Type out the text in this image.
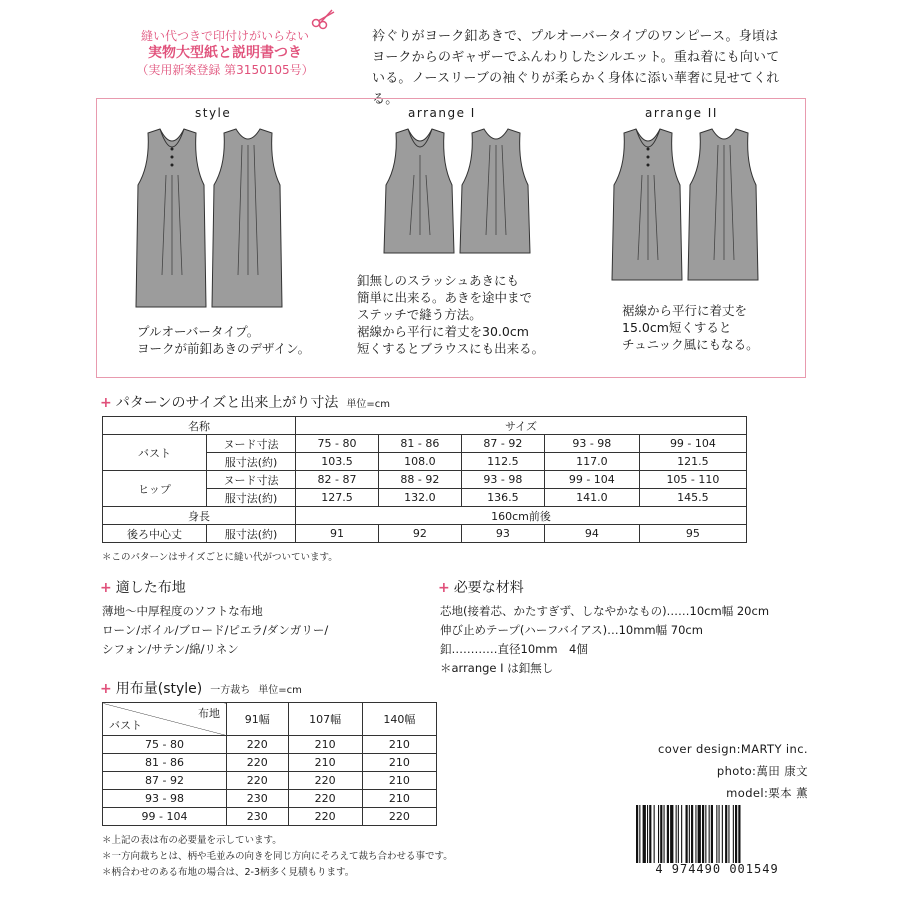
縫い代つきで印付けがいらない
実物大型紙と説明書つき
（実用新案登録 第3150105号）
衿ぐりがヨーク釦あきで、プルオーバータイプのワンピース。身頃は
ヨークからのギャザーでふんわりしたシルエット。重ね着にも向いて
いる。ノースリーブの袖ぐりが柔らかく身体に添い華奢に見せてくれる。
style	arrange I	arrange II
プルオーバータイプ。
ヨークが前釦あきのデザイン。
釦無しのスラッシュあきにも
簡単に出来る。あきを途中まで
ステッチで縫う方法。
裾線から平行に着丈を30.0cm
短くするとブラウスにも出来る。
裾線から平行に着丈を
15.0cm短くすると
チュニック風にもなる。
+ パターンのサイズと出来上がり寸法 単位=cm
名称		サイズ				
バスト	ヌード寸法	75 - 80	81 - 86	87 - 92	93 - 98	99 - 104
	服寸法(約)	103.5	108.0	112.5	117.0	121.5
ヒップ	ヌード寸法	82 - 87	88 - 92	93 - 98	99 - 104	105 - 110
	服寸法(約)	127.5	132.0	136.5	141.0	145.5
身長		160cm前後				
後ろ中心丈	服寸法(約)	91	92	93	94	95
＊このパターンはサイズごとに縫い代がついています。
+ 適した布地
薄地～中厚程度のソフトな布地
ローン/ボイル/ブロード/ピエラ/ダンガリー/
シフォン/サテン/綿/リネン
+ 必要な材料
芯地(接着芯、かたすぎず、しなやかなもの)……10cm幅 20cm
伸び止めテープ(ハーフバイアス)…10mm幅 70cm
釦…………直径10mm　4個
＊arrange I は釦無し
+ 用布量(style) 一方裁ち 単位=cm
布地
バスト	91幅	107幅	140幅
75 - 80	220	210	210
81 - 86	220	210	210
87 - 92	220	220	210
93 - 98	230	220	210
99 - 104	230	220	220
＊上記の表は布の必要量を示しています。
＊一方向裁ちとは、柄や毛並みの向きを同じ方向にそろえて裁ち合わせる事です。
＊柄合わせのある布地の場合は、2-3柄多く見積もります。
cover design:MARTY inc.
photo:萬田 康文
model:栗本 薫
4 974490 001549
